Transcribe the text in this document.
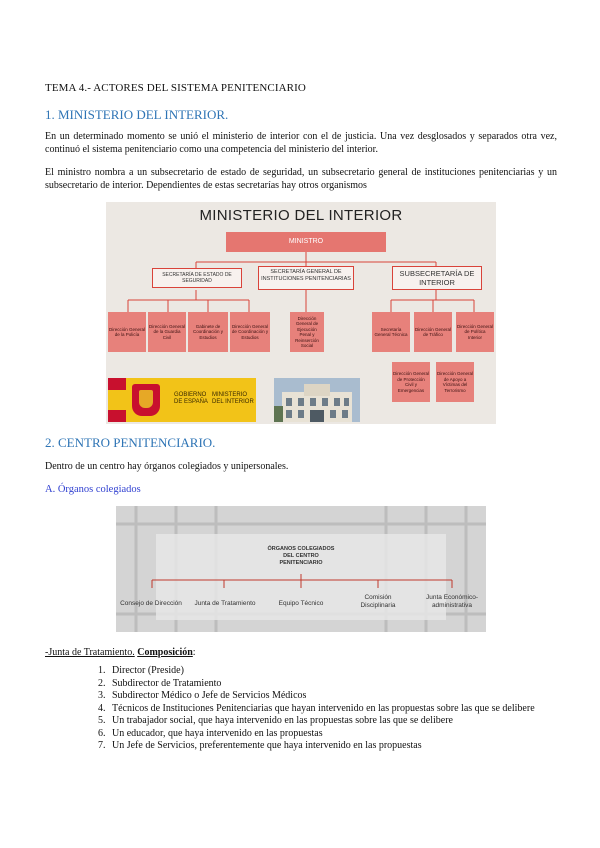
TEMA 4.- ACTORES DEL SISTEMA PENITENCIARIO
1. MINISTERIO DEL INTERIOR.
En un determinado momento se unió el ministerio de interior con el de justicia. Una vez desglosados y separados otra vez, continuó el sistema penitenciario como una competencia del ministerio del interior.
El ministro nombra a un subsecretario de estado de seguridad, un subsecretario general de instituciones penitenciarias y un subsecretario de interior. Dependientes de estas secretarías hay otros organismos
MINISTERIO DEL INTERIOR
MINISTRO
SECRETARÍA DE ESTADO DE SEGURIDAD
SECRETARÍA GENERAL DE INSTITUCIONES PENITENCIARIAS
SUBSECRETARÍA DE INTERIOR
Dirección General de la Policía
Dirección General de la Guardia Civil
Gabinete de Coordinación y Estudios
Dirección General de Coordinación y Estudios
Dirección General de Ejecución Penal y Reinserción Social
Secretaría General Técnica
Dirección General de Tráfico
Dirección General de Política Interior
Dirección General de Protección Civil y Emergencias
Dirección General de Apoyo a Víctimas del Terrorismo
GOBIERNO DE ESPAÑA
MINISTERIO DEL INTERIOR
2. CENTRO PENITENCIARIO.
Dentro de un centro hay órganos colegiados y unipersonales.
A. Órganos colegiados
ÓRGANOS COLEGIADOS DEL CENTRO PENITENCIARIO
Consejo de Dirección	Junta de Tratamiento	Equipo Técnico
Comisión Disciplinaria
Junta Económico-administrativa
-Junta de Tratamiento. Composición:
1. Director (Preside)
2. Subdirector de Tratamiento
3. Subdirector Médico o Jefe de Servicios Médicos
4. Técnicos de Instituciones Penitenciarias que hayan intervenido en las propuestas sobre las que se delibere
5. Un trabajador social, que haya intervenido en las propuestas sobre las que se delibere
6. Un educador, que haya intervenido en las propuestas
7. Un Jefe de Servicios, preferentemente que haya intervenido en las propuestas
